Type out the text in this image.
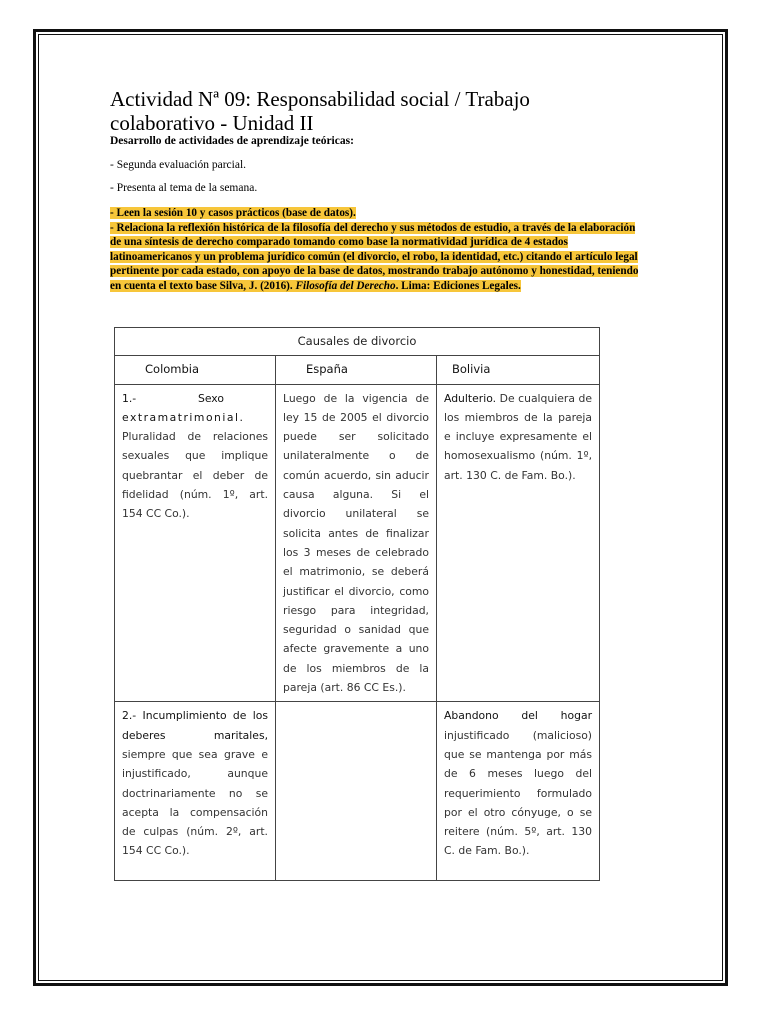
Actividad Nª 09: Responsabilidad social / Trabajo colaborativo - Unidad II

Desarrollo de actividades de aprendizaje teóricas:

- Segunda evaluación parcial.

- Presenta al tema de la semana.

- Leen la sesión 10 y casos prácticos (base de datos).
- Relaciona la reflexión histórica de la filosofía del derecho y sus métodos de estudio, a través de la elaboración de una síntesis de derecho comparado tomando como base la normatividad jurídica de 4 estados latinoamericanos y un problema jurídico común (el divorcio, el robo, la identidad, etc.) citando el artículo legal pertinente por cada estado, con apoyo de la base de datos, mostrando trabajo autónomo y honestidad, teniendo en cuenta el texto base Silva, J. (2016). Filosofía del Derecho. Lima: Ediciones Legales.

Causales de divorcio		
Colombia	España	Bolivia
1.-                  Sexo
extramatrimonial. Pluralidad de relaciones sexuales que implique quebrantar el deber de fidelidad (núm. 1º, art. 154 CC Co.).	Luego de la vigencia de ley 15 de 2005 el divorcio puede ser solicitado unilateralmente o de común acuerdo, sin aducir causa alguna. Si el divorcio unilateral se solicita antes de finalizar los 3 meses de celebrado el matrimonio, se deberá justificar el divorcio, como riesgo para integridad, seguridad o sanidad que afecte gravemente a uno de los miembros de la pareja (art. 86 CC Es.).	Adulterio. De cualquiera de los miembros de la pareja e incluye expresamente el homosexualismo (núm. 1º, art. 130 C. de Fam. Bo.).
2.- Incumplimiento de los deberes maritales, siempre que sea grave e injustificado, aunque doctrinariamente no se acepta la compensación de culpas (núm. 2º, art. 154 CC Co.).		Abandono del hogar injustificado (malicioso) que se mantenga por más de 6 meses luego del requerimiento formulado por el otro cónyuge, o se reitere (núm. 5º, art. 130 C. de Fam. Bo.).
